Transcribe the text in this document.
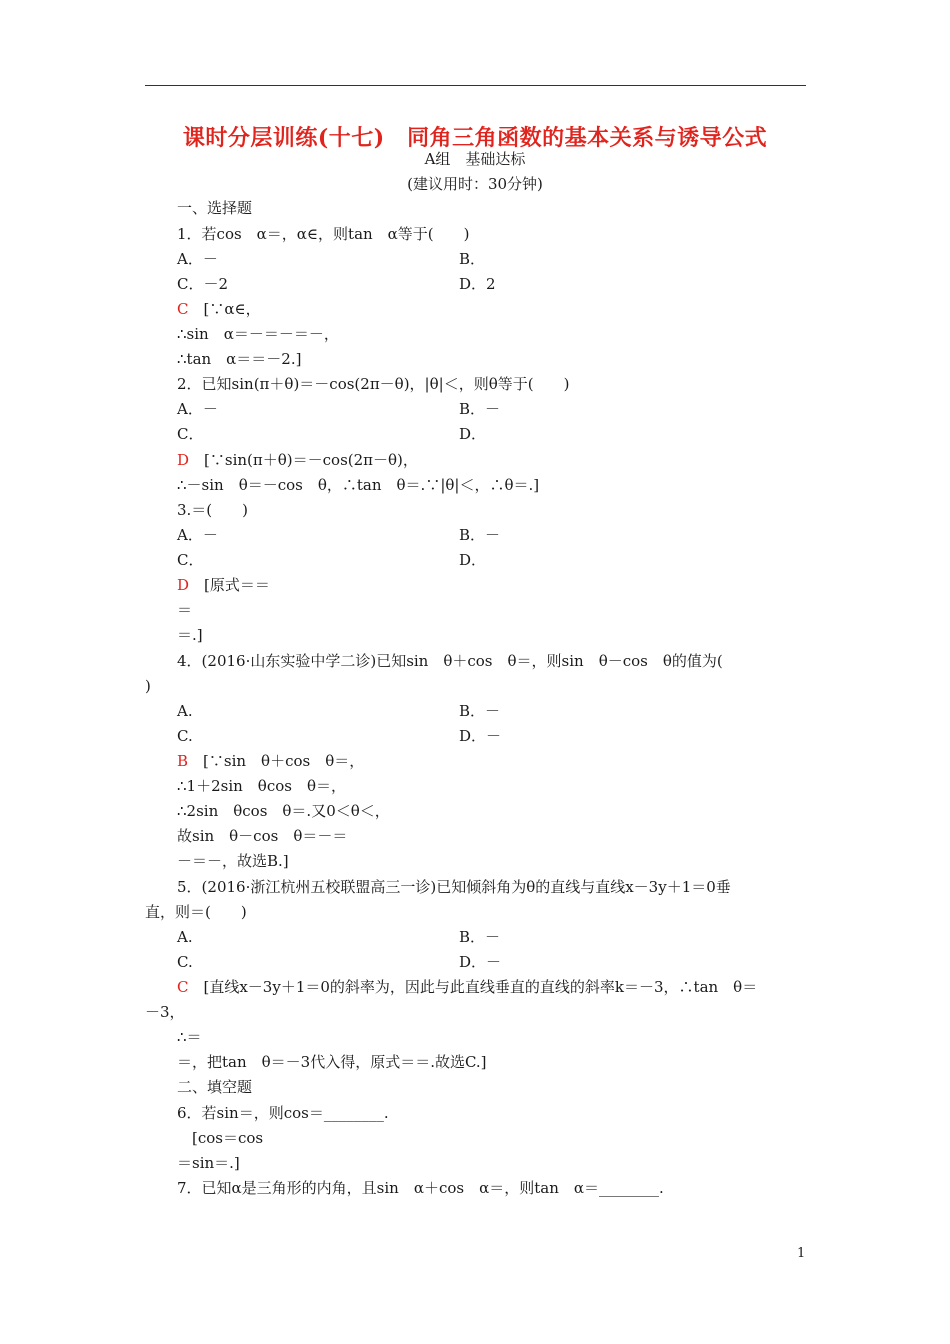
课时分层训练(十七)　同角三角函数的基本关系与诱导公式
A组　基础达标
(建议用时：30分钟)
一、选择题
1．若cos　α＝，α∈，则tan　α等于(　　)
A．－	B．
C．－2	D．2
C　[∵α∈，
∴sin　α＝－＝－＝－，
∴tan　α＝＝－2.]
2．已知sin(π＋θ)＝－cos(2π－θ)，|θ|＜，则θ等于(　　)
A．－	B．－
C．	D．
D　[∵sin(π＋θ)＝－cos(2π－θ)，
∴－sin　θ＝－cos　θ，∴tan　θ＝.∵|θ|＜，∴θ＝.]
3.＝(　　)
A．－	B．－
C．	D．
D　[原式＝＝
＝
＝.]
4．(2016·山东实验中学二诊)已知sin　θ＋cos　θ＝，则sin　θ－cos　θ的值为(
)
A.	B．－
C.	D．－
B　[∵sin　θ＋cos　θ＝，
∴1＋2sin　θcos　θ＝，
∴2sin　θcos　θ＝.又0＜θ＜，
故sin　θ－cos　θ＝－＝
－＝－，故选B.]
5．(2016·浙江杭州五校联盟高三一诊)已知倾斜角为θ的直线与直线x－3y＋1＝0垂
直，则＝(　　)
A.	B．－
C.	D．－
C　[直线x－3y＋1＝0的斜率为，因此与此直线垂直的直线的斜率k＝－3，∴tan　θ＝
－3，
∴＝
＝，把tan　θ＝－3代入得，原式＝＝.故选C.]
二、填空题
6．若sin＝，则cos＝________.
　[cos＝cos
＝sin＝.]
7．已知α是三角形的内角，且sin　α＋cos　α＝，则tan　α＝________.
1
